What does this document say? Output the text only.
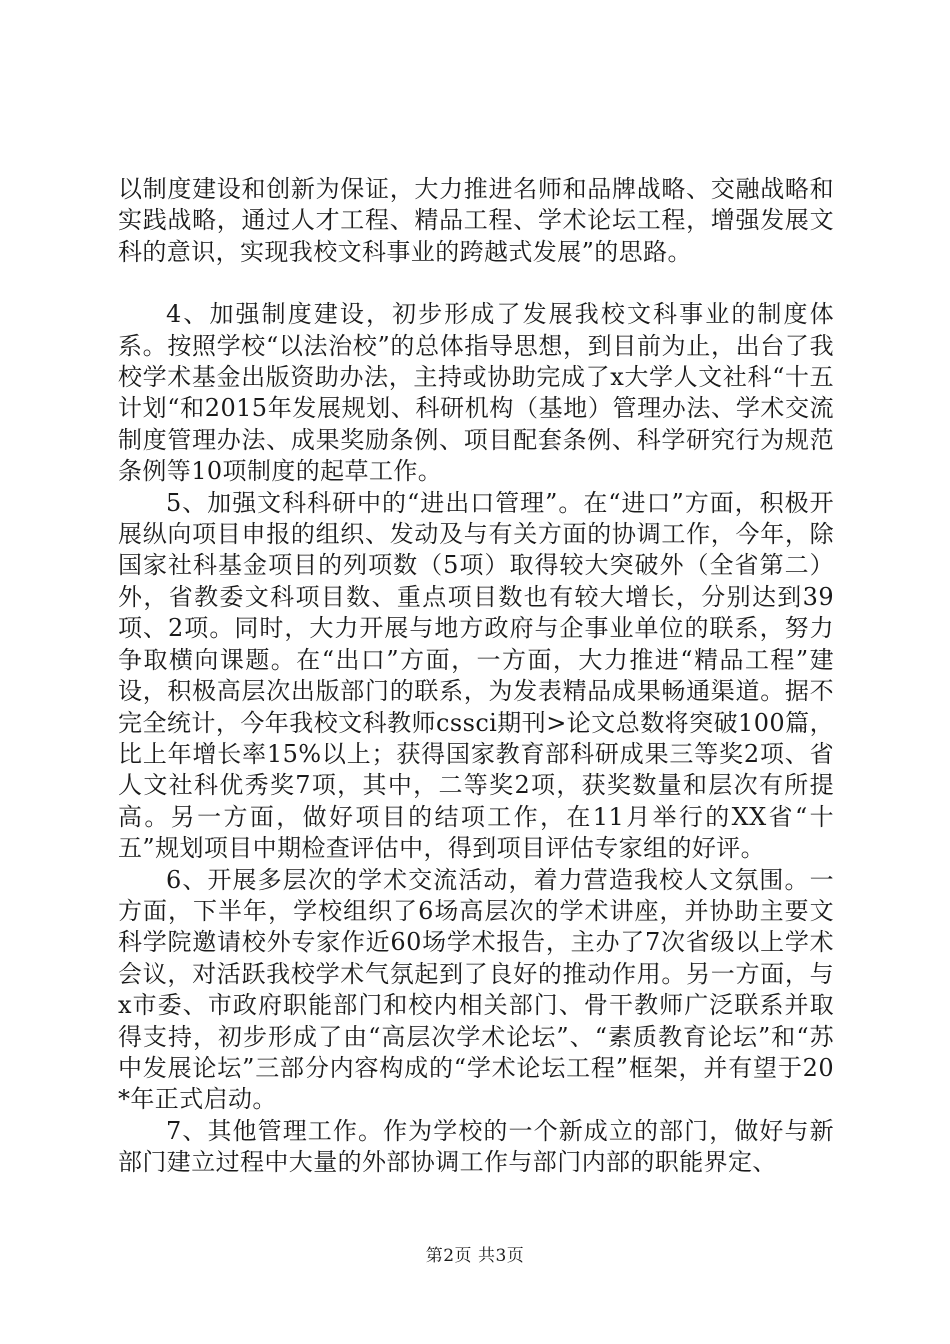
以制度建设和创新为保证，大力推进名师和品牌战略、交融战略和实践战略，通过人才工程、精品工程、学术论坛工程，增强发展文科的意识，实现我校文科事业的跨越式发展”的思路。

4、加强制度建设，初步形成了发展我校文科事业的制度体系。按照学校“以法治校”的总体指导思想，到目前为止，出台了我校学术基金出版资助办法，主持或协助完成了x大学人文社科“十五计划“和2015年发展规划、科研机构（基地）管理办法、学术交流制度管理办法、成果奖励条例、项目配套条例、科学研究行为规范条例等10项制度的起草工作。

5、加强文科科研中的“进出口管理”。在“进口”方面，积极开展纵向项目申报的组织、发动及与有关方面的协调工作，今年，除国家社科基金项目的列项数（5项）取得较大突破外（全省第二）外，省教委文科项目数、重点项目数也有较大增长，分别达到39项、2项。同时，大力开展与地方政府与企事业单位的联系，努力争取横向课题。在“出口”方面，一方面，大力推进“精品工程”建设，积极高层次出版部门的联系，为发表精品成果畅通渠道。据不完全统计，今年我校文科教师cssci期刊>论文总数将突破100篇，比上年增长率15%以上；获得国家教育部科研成果三等奖2项、省人文社科优秀奖7项，其中，二等奖2项，获奖数量和层次有所提高。另一方面，做好项目的结项工作，在11月举行的XX省“十五”规划项目中期检查评估中，得到项目评估专家组的好评。

6、开展多层次的学术交流活动，着力营造我校人文氛围。一方面，下半年，学校组织了6场高层次的学术讲座，并协助主要文科学院邀请校外专家作近60场学术报告，主办了7次省级以上学术会议，对活跃我校学术气氛起到了良好的推动作用。另一方面，与x市委、市政府职能部门和校内相关部门、骨干教师广泛联系并取得支持，初步形成了由“高层次学术论坛”、“素质教育论坛”和“苏中发展论坛”三部分内容构成的“学术论坛工程”框架，并有望于20*年正式启动。

7、其他管理工作。作为学校的一个新成立的部门，做好与新部门建立过程中大量的外部协调工作与部门内部的职能界定、

第2页 共3页
